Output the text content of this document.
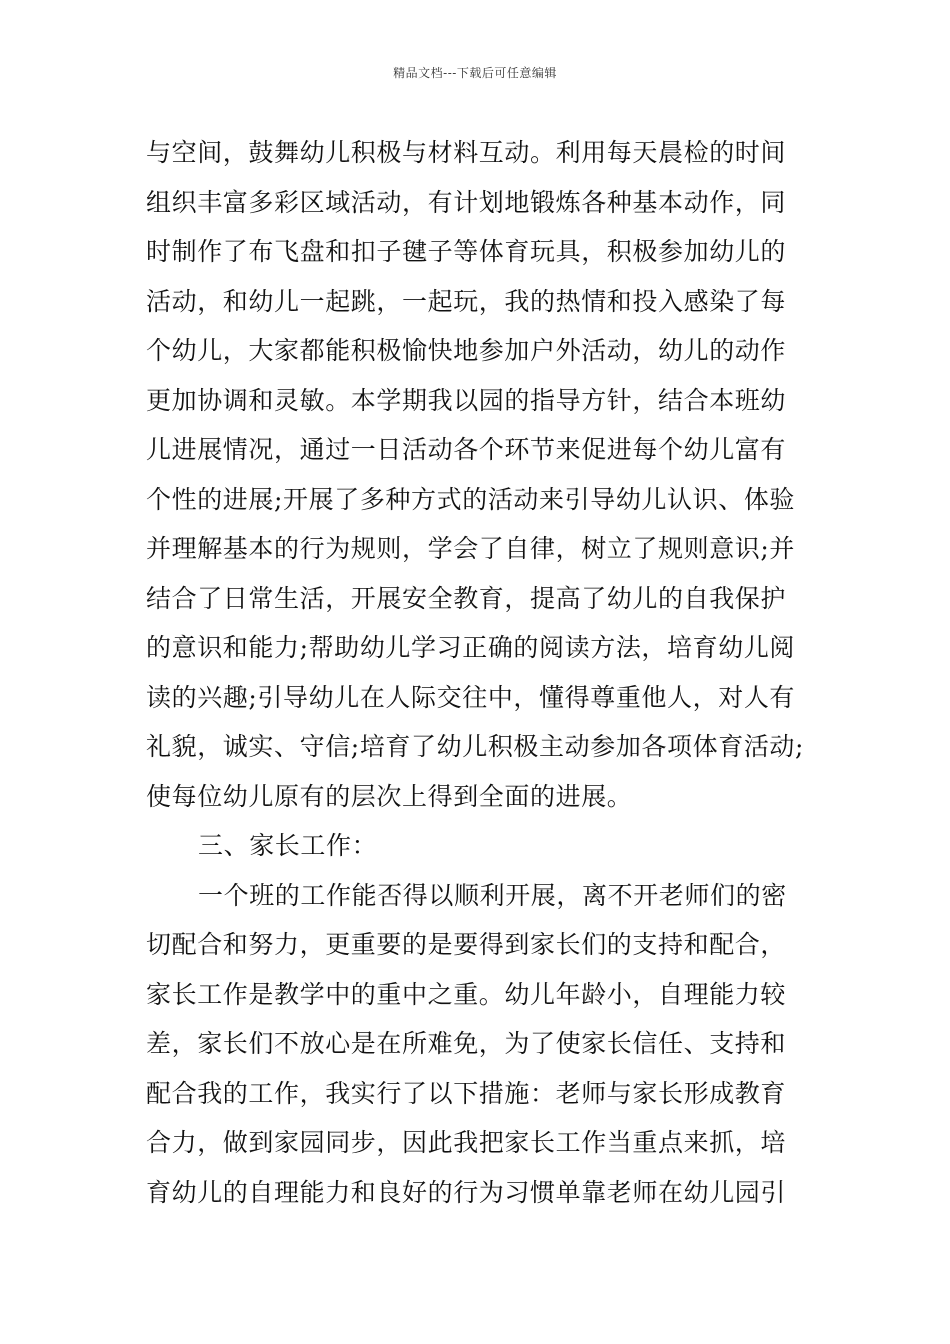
精品文档---下载后可任意编辑
与空间，鼓舞幼儿积极与材料互动。利用每天晨检的时间
组织丰富多彩区域活动，有计划地锻炼各种基本动作，同
时制作了布飞盘和扣子毽子等体育玩具，积极参加幼儿的
活动，和幼儿一起跳，一起玩，我的热情和投入感染了每
个幼儿，大家都能积极愉快地参加户外活动，幼儿的动作
更加协调和灵敏。本学期我以园的指导方针，结合本班幼
儿进展情况，通过一日活动各个环节来促进每个幼儿富有
个性的进展;开展了多种方式的活动来引导幼儿认识、体验
并理解基本的行为规则，学会了自律，树立了规则意识;并
结合了日常生活，开展安全教育，提高了幼儿的自我保护
的意识和能力;帮助幼儿学习正确的阅读方法，培育幼儿阅
读的兴趣;引导幼儿在人际交往中，懂得尊重他人，对人有
礼貌，诚实、守信;培育了幼儿积极主动参加各项体育活动;
使每位幼儿原有的层次上得到全面的进展。
三、家长工作：
一个班的工作能否得以顺利开展，离不开老师们的密
切配合和努力，更重要的是要得到家长们的支持和配合，
家长工作是教学中的重中之重。幼儿年龄小，自理能力较
差，家长们不放心是在所难免，为了使家长信任、支持和
配合我的工作，我实行了以下措施：老师与家长形成教育
合力，做到家园同步，因此我把家长工作当重点来抓，培
育幼儿的自理能力和良好的行为习惯单靠老师在幼儿园引
